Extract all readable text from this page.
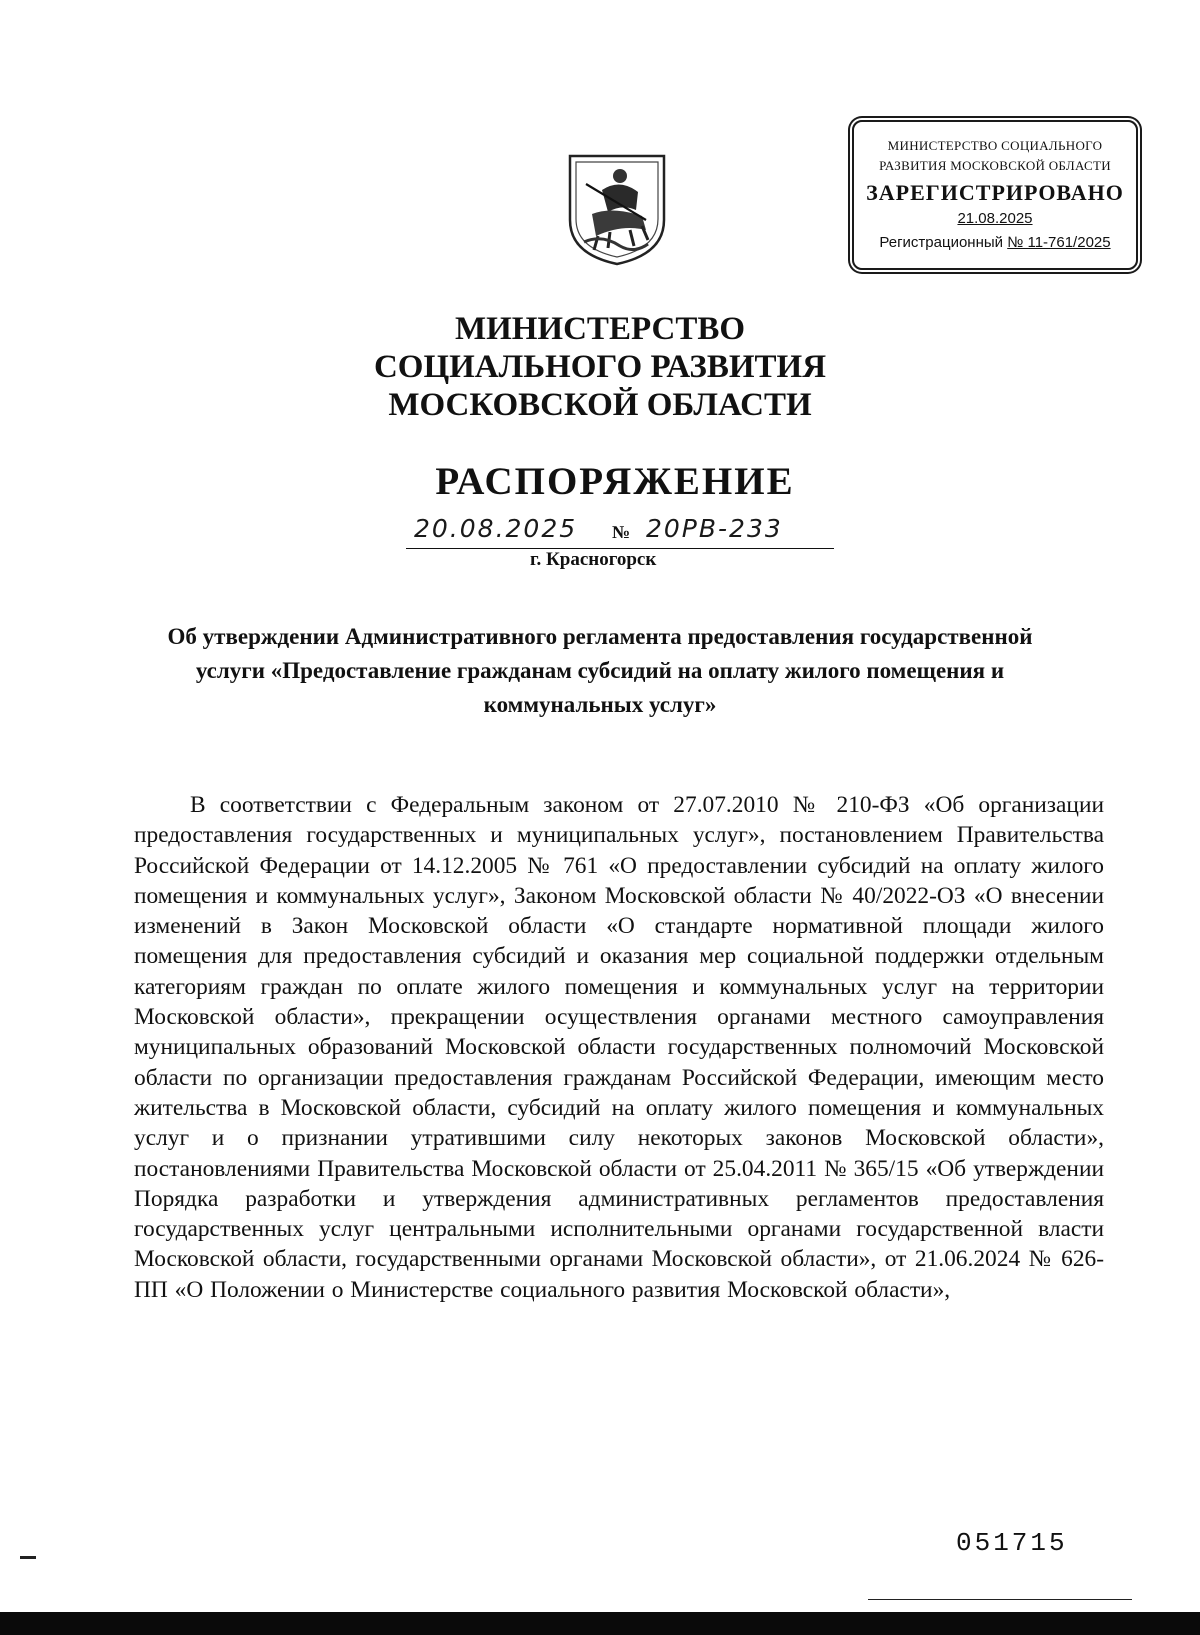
МИНИСТЕРСТВО СОЦИАЛЬНОГО
РАЗВИТИЯ МОСКОВСКОЙ ОБЛАСТИ
ЗАРЕГИСТРИРОВАНО
21.08.2025
Регистрационный № 11-761/2025
МИНИСТЕРСТВО
СОЦИАЛЬНОГО РАЗВИТИЯ
МОСКОВСКОЙ ОБЛАСТИ
РАСПОРЯЖЕНИЕ
20.08.2025 № 20РВ-233
г. Красногорск
Об утверждении Административного регламента предоставления государственной услуги «Предоставление гражданам субсидий на оплату жилого помещения и коммунальных услуг»
В соответствии с Федеральным законом от 27.07.2010 № 210-ФЗ «Об организации предоставления государственных и муниципальных услуг», постановлением Правительства Российской Федерации от 14.12.2005 № 761 «О предоставлении субсидий на оплату жилого помещения и коммунальных услуг», Законом Московской области № 40/2022-ОЗ «О внесении изменений в Закон Московской области «О стандарте нормативной площади жилого помещения для предоставления субсидий и оказания мер социальной поддержки отдельным категориям граждан по оплате жилого помещения и коммунальных услуг на территории Московской области», прекращении осуществления органами местного самоуправления муниципальных образований Московской области государственных полномочий Московской области по организации предоставления гражданам Российской Федерации, имеющим место жительства в Московской области, субсидий на оплату жилого помещения и коммунальных услуг и о признании утратившими силу некоторых законов Московской области», постановлениями Правительства Московской области от 25.04.2011 № 365/15 «Об утверждении Порядка разработки и утверждения административных регламентов предоставления государственных услуг центральными исполнительными органами государственной власти Московской области, государственными органами Московской области», от 21.06.2024 № 626-ПП «О Положении о Министерстве социального развития Московской области»,
051715
